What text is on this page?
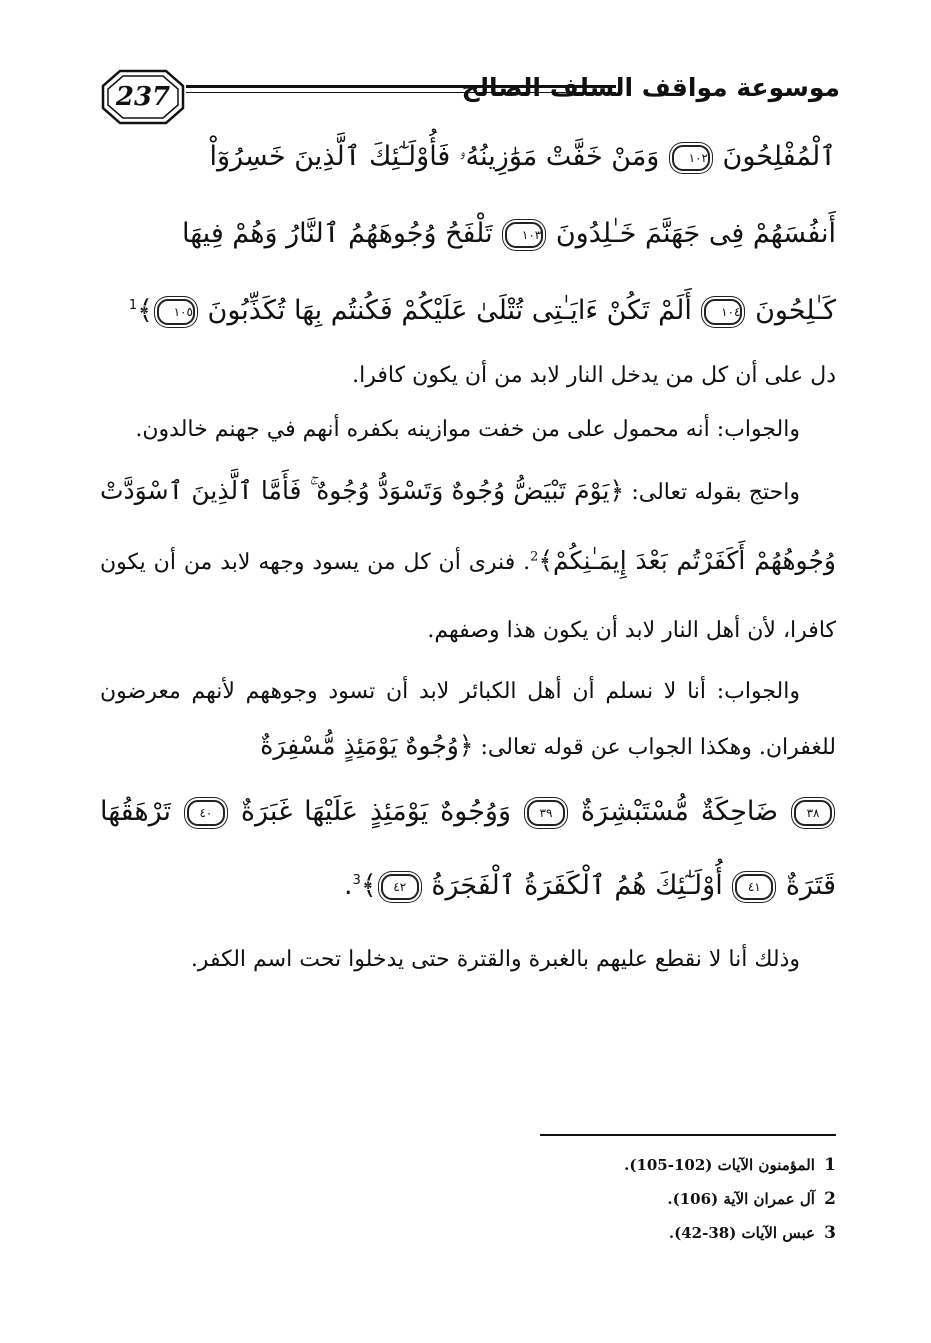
237	موسوعة مواقف السلف الصالح
ٱلْمُفْلِحُونَ ١٠٢ وَمَنْ خَفَّتْ مَوَٰزِينُهُۥ فَأُوْلَـٰٓئِكَ ٱلَّذِينَ خَسِرُوٓاْ
أَنفُسَهُمْ فِى جَهَنَّمَ خَـٰلِدُونَ ١٠٣ تَلْفَحُ وُجُوهَهُمُ ٱلنَّارُ وَهُمْ فِيهَا
كَـٰلِحُونَ ١٠٤ أَلَمْ تَكُنْ ءَايَـٰتِى تُتْلَىٰ عَلَيْكُمْ فَكُنتُم بِهَا تُكَذِّبُونَ ١٠٥﴾$^1$
دل على أن كل من يدخل النار لابد من أن يكون كافرا.
والجواب: أنه محمول على من خفت موازينه بكفره أنهم في جهنم خالدون.
واحتج بقوله تعالى: ﴿يَوْمَ تَبْيَضُّ وُجُوهٌ وَتَسْوَدُّ وُجُوهٌ ۚ فَأَمَّا ٱلَّذِينَ ٱسْوَدَّتْ وُجُوهُهُمْ أَكَفَرْتُم بَعْدَ إِيمَـٰنِكُمْ﴾$^2$. فنرى أن كل من يسود وجهه لابد من أن يكون كافرا، لأن أهل النار لابد أن يكون هذا وصفهم.
والجواب: أنا لا نسلم أن أهل الكبائر لابد أن تسود وجوههم لأنهم معرضون للغفران. وهكذا الجواب عن قوله تعالى: ﴿وُجُوهٌ يَوْمَئِذٍ مُّسْفِرَةٌ
٣٨ ضَاحِكَةٌ مُّسْتَبْشِرَةٌ ٣٩ وَوُجُوهٌ يَوْمَئِذٍ عَلَيْهَا غَبَرَةٌ ٤٠ تَرْهَقُهَا قَتَرَةٌ ٤١ أُوْلَـٰٓئِكَ هُمُ ٱلْكَفَرَةُ ٱلْفَجَرَةُ ٤٢﴾$^3$.
وذلك أنا لا نقطع عليهم بالغبرة والقترة حتى يدخلوا تحت اسم الكفر.
1 المؤمنون الآيات (102-105).
2 آل عمران الآية (106).
3 عبس الآيات (38-42).
